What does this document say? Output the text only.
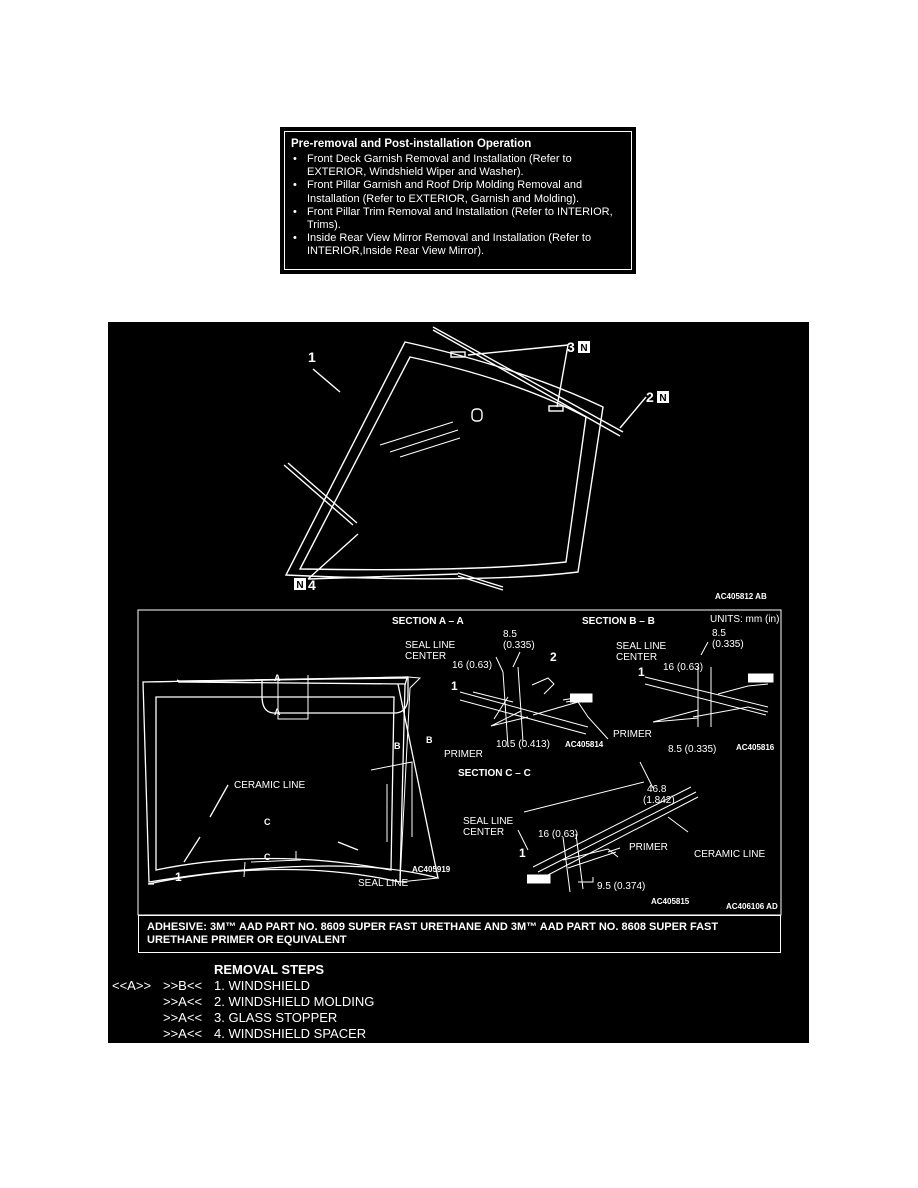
Pre-removal and Post-installation Operation
• Front Deck Garnish Removal and Installation (Refer to EXTERIOR, Windshield Wiper and Washer).
• Front Pillar Garnish and Roof Drip Molding Removal and Installation (Refer to EXTERIOR, Garnish and Molding).
• Front Pillar Trim Removal and Installation (Refer to INTERIOR, Trims).
• Inside Rear View Mirror Removal and Installation (Refer to INTERIOR,Inside Rear View Mirror).
1
3 N
2 N
N 4
AC405812 AB
A
A
B
B
C
C
CERAMIC LINE
1	SEAL LINE
AC405919
SECTION A – A
SEAL LINE
CENTER
8.5
(0.335)
16 (0.63)
2
1
10.5 (0.413)
PRIMER
AC405814
SECTION B – B	UNITS: mm (in)
SEAL LINE
CENTER
8.5
(0.335)
16 (0.63)
1
PRIMER
8.5 (0.335) AC405816
SECTION C – C
46.8
(1.842)
SEAL LINE
CENTER	16 (0.63)
PRIMER
CERAMIC LINE
1
9.5 (0.374)
AC405815
AC406106 AD
ADHESIVE: 3M™ AAD PART NO. 8609 SUPER FAST URETHANE AND 3M™ AAD PART NO. 8608 SUPER FAST URETHANE PRIMER OR EQUIVALENT
REMOVAL STEPS
<<A>> >>B<< 1. WINDSHIELD
>>A<< 2. WINDSHIELD MOLDING
>>A<< 3. GLASS STOPPER
>>A<< 4. WINDSHIELD SPACER
